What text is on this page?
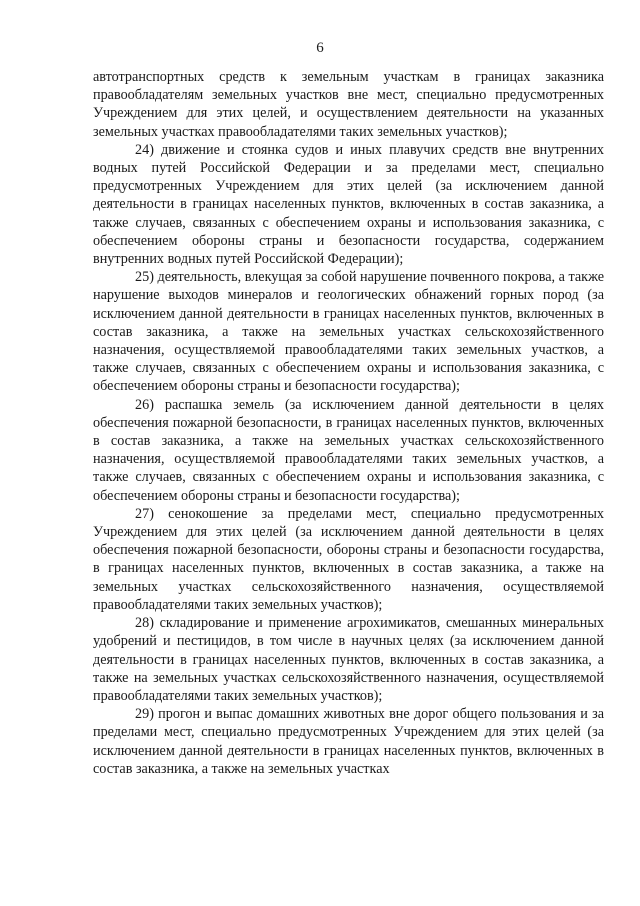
6

автотранспортных средств к земельным участкам в границах заказника правообладателям земельных участков вне мест, специально предусмотренных Учреждением для этих целей, и осуществлением деятельности на указанных земельных участках правообладателями таких земельных участков);

24) движение и стоянка судов и иных плавучих средств вне внутренних водных путей Российской Федерации и за пределами мест, специально предусмотренных Учреждением для этих целей (за исключением данной деятельности в границах населенных пунктов, включенных в состав заказника, а также случаев, связанных с обеспечением охраны и использования заказника, с обеспечением обороны страны и безопасности государства, содержанием внутренних водных путей Российской Федерации);

25) деятельность, влекущая за собой нарушение почвенного покрова, а также нарушение выходов минералов и геологических обнажений горных пород (за исключением данной деятельности в границах населенных пунктов, включенных в состав заказника, а также на земельных участках сельскохозяйственного назначения, осуществляемой правообладателями таких земельных участков, а также случаев, связанных с обеспечением охраны и использования заказника, с обеспечением обороны страны и безопасности государства);

26) распашка земель (за исключением данной деятельности в целях обеспечения пожарной безопасности, в границах населенных пунктов, включенных в состав заказника, а также на земельных участках сельскохозяйственного назначения, осуществляемой правообладателями таких земельных участков, а также случаев, связанных с обеспечением охраны и использования заказника, с обеспечением обороны страны и безопасности государства);

27) сенокошение за пределами мест, специально предусмотренных Учреждением для этих целей (за исключением данной деятельности в целях обеспечения пожарной безопасности, обороны страны и безопасности государства, в границах населенных пунктов, включенных в состав заказника, а также на земельных участках сельскохозяйственного назначения, осуществляемой правообладателями таких земельных участков);

28) складирование и применение агрохимикатов, смешанных минеральных удобрений и пестицидов, в том числе в научных целях (за исключением данной деятельности в границах населенных пунктов, включенных в состав заказника, а также на земельных участках сельскохозяйственного назначения, осуществляемой правообладателями таких земельных участков);

29) прогон и выпас домашних животных вне дорог общего пользования и за пределами мест, специально предусмотренных Учреждением для этих целей (за исключением данной деятельности в границах населенных пунктов, включенных в состав заказника, а также на земельных участках
